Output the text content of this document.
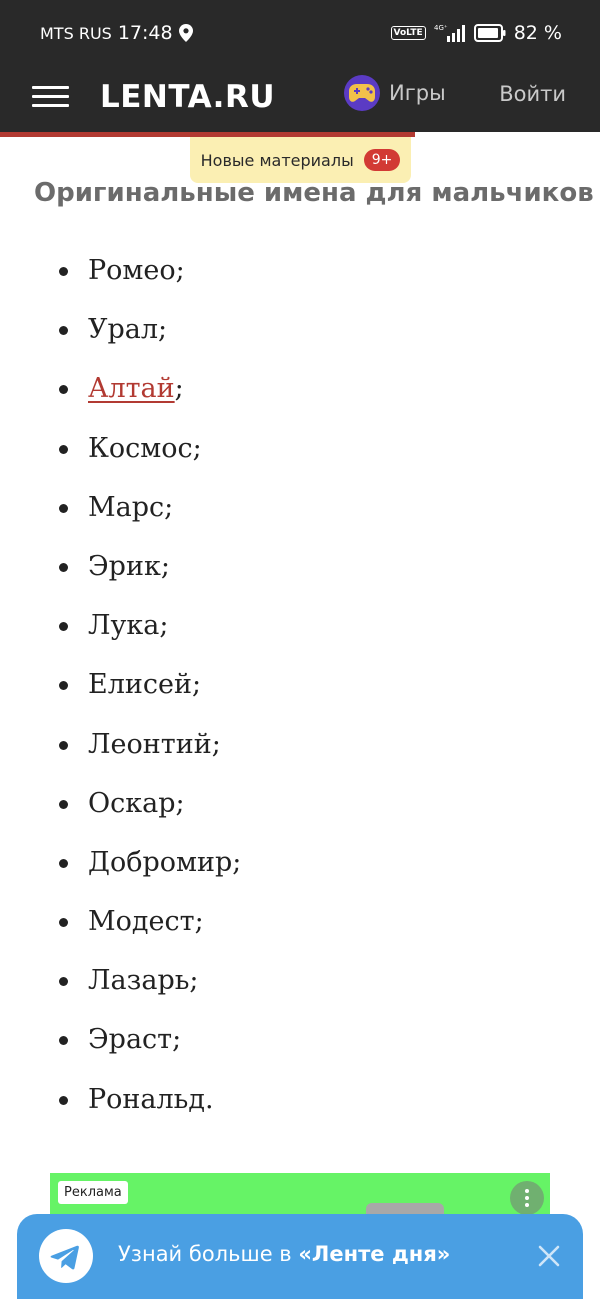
MTS RUS 17:48	VoLTE	4G⁺	82 %
LENTA.RU	Игры	Войти
Новые материалы	9+
Оригинальные имена для мальчиков
Ромео;
Урал;
Алтай;
Космос;
Марс;
Эрик;
Лука;
Елисей;
Леонтий;
Оскар;
Добромир;
Модест;
Лазарь;
Эраст;
Рональд.
Реклама
Узнай больше в «Ленте дня»
